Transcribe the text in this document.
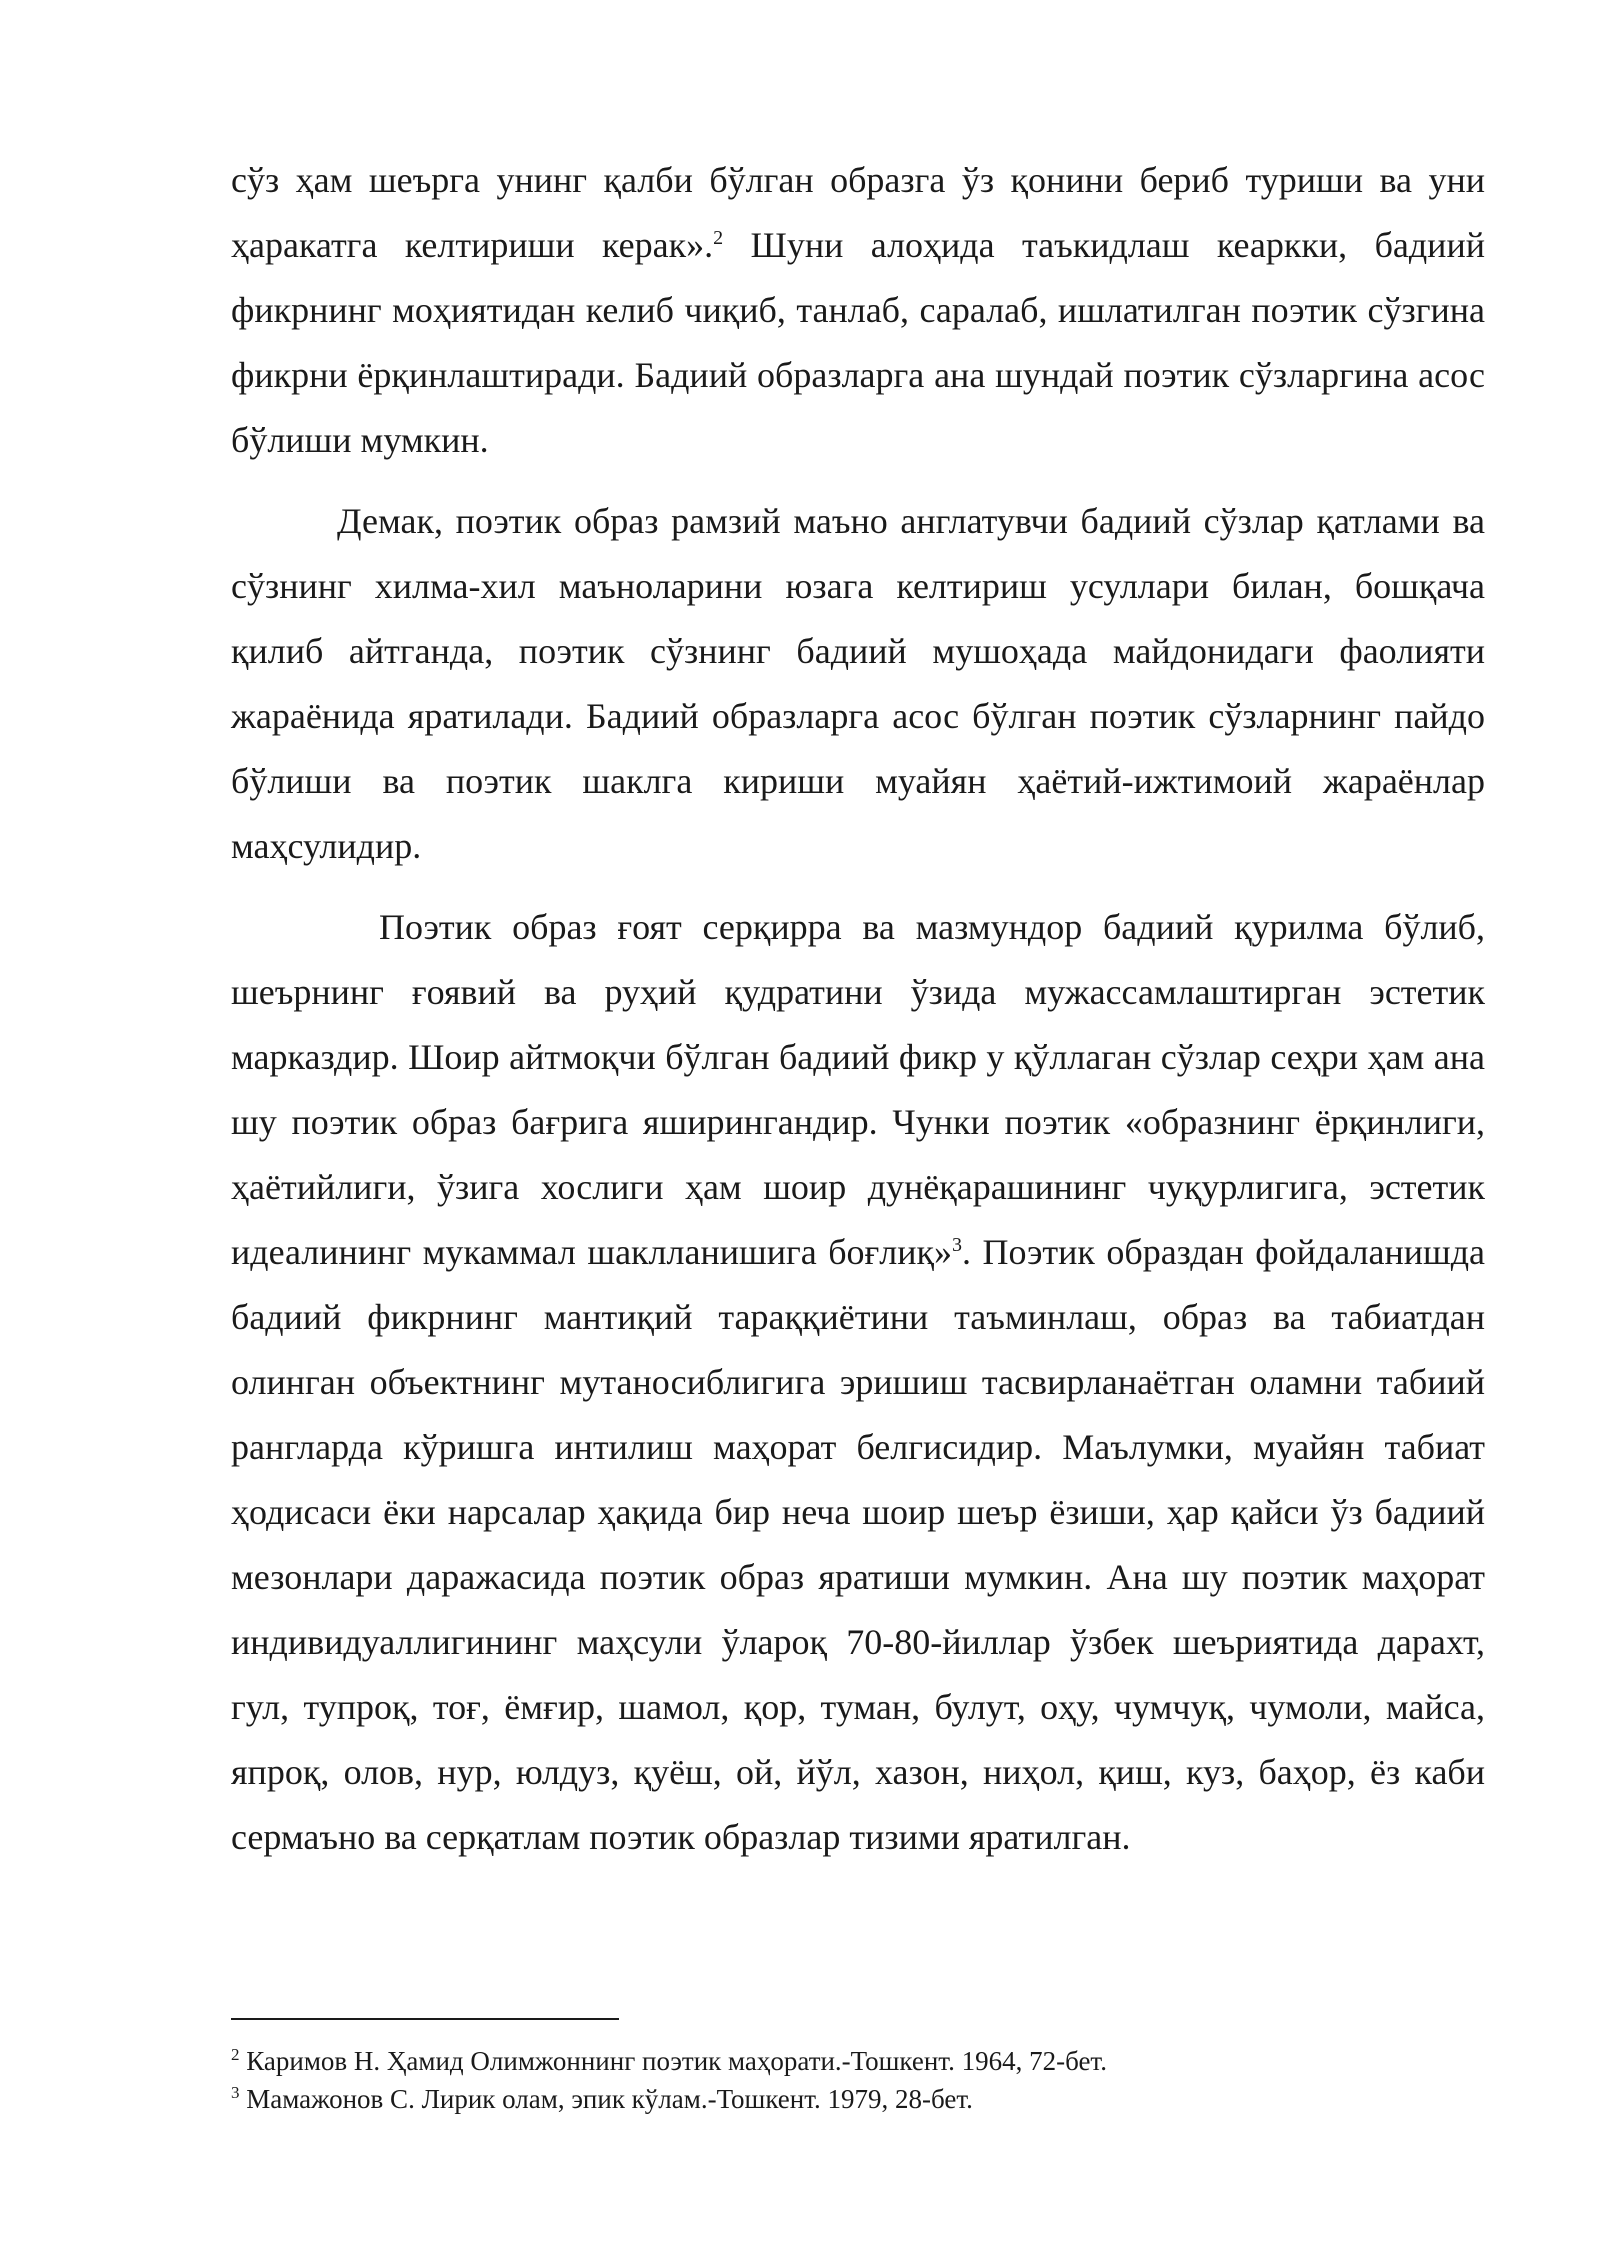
сўз ҳам шеърга унинг қалби бўлган образга ўз қонини бериб туриши ва уни ҳаракатга келтириши керак».$^2$ Шуни алоҳида таъкидлаш кеаркки, бадиий фикрнинг моҳиятидан келиб чиқиб, танлаб, саралаб, ишлатилган поэтик сўзгина фикрни ёрқинлаштиради. Бадиий образларга ана шундай поэтик сўзларгина асос бўлиши мумкин.

Демак, поэтик образ рамзий маъно англатувчи бадиий сўзлар қатлами ва сўзнинг хилма-хил маъноларини юзага келтириш усуллари билан, бошқача қилиб айтганда, поэтик сўзнинг бадиий мушоҳада майдонидаги фаолияти жараёнида яратилади. Бадиий образларга асос бўлган поэтик сўзларнинг пайдо бўлиши ва поэтик шаклга кириши муайян ҳаётий-ижтимоий жараёнлар маҳсулидир.

Поэтик образ ғоят серқирра ва мазмундор бадиий қурилма бўлиб, шеърнинг ғоявий ва руҳий қудратини ўзида мужассамлаштирган эстетик марказдир. Шоир айтмоқчи бўлган бадиий фикр у қўллаган сўзлар сеҳри ҳам ана шу поэтик образ бағрига яширингандир. Чунки поэтик «образнинг ёрқинлиги, ҳаётийлиги, ўзига хослиги ҳам шоир дунёқарашининг чуқурлигига, эстетик идеалининг мукаммал шаклланишига боғлиқ»$^3$. Поэтик образдан фойдаланишда бадиий фикрнинг мантиқий тараққиётини таъминлаш, образ ва табиатдан олинган объектнинг мутаносиблигига эришиш тасвирланаётган оламни табиий рангларда кўришга интилиш маҳорат белгисидир. Маълумки, муайян табиат ҳодисаси ёки нарсалар ҳақида бир неча шоир шеър ёзиши, ҳар қайси ўз бадиий мезонлари даражасида поэтик образ яратиши мумкин. Ана шу поэтик маҳорат индивидуаллигининг маҳсули ўлароқ 70-80-йиллар ўзбек шеъриятида дарахт, гул, тупроқ, тоғ, ёмғир, шамол, қор, туман, булут, оҳу, чумчуқ, чумоли, майса, япроқ, олов, нур, юлдуз, қуёш, ой, йўл, хазон, ниҳол, қиш, куз, баҳор, ёз каби сермаъно ва серқатлам поэтик образлар тизими яратилган.

$^2$ Каримов Н. Ҳамид Олимжоннинг поэтик маҳорати.-Тошкент. 1964, 72-бет.

$^3$ Мамажонов С. Лирик олам, эпик кўлам.-Тошкент. 1979, 28-бет.
